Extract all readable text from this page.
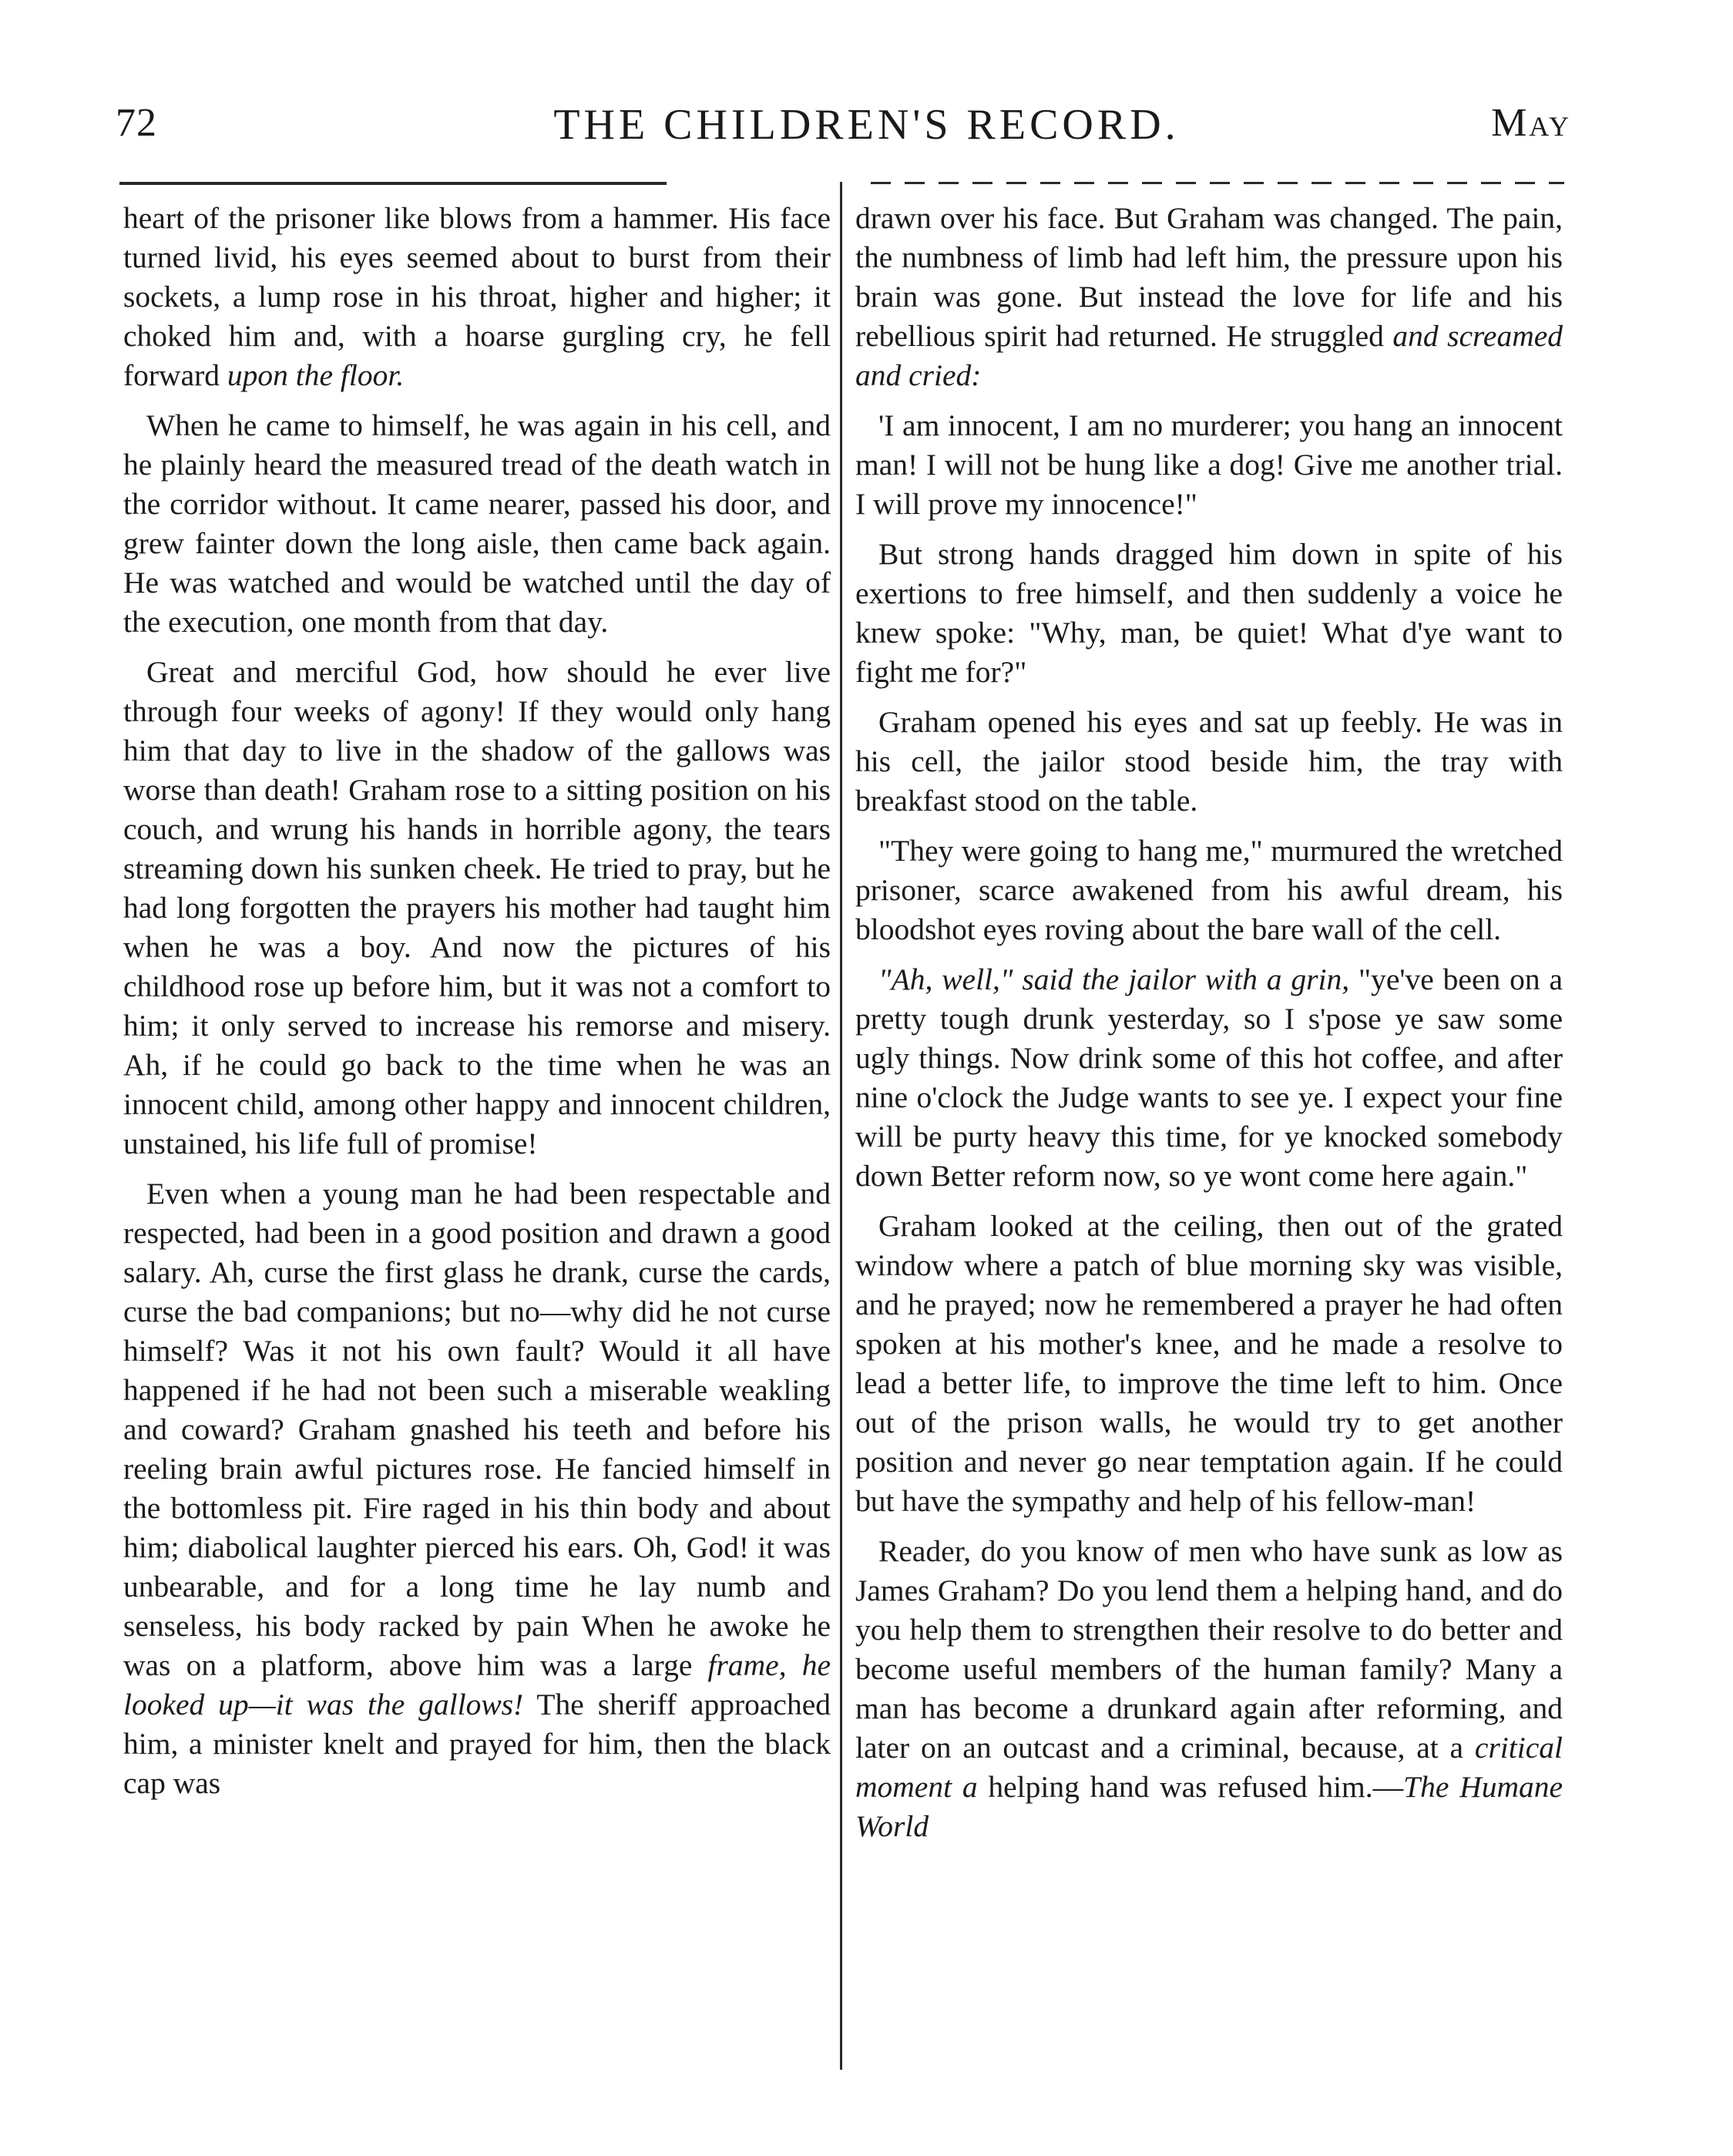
72	THE CHILDREN'S RECORD.	May

heart of the prisoner like blows from a hammer. His face turned livid, his eyes seemed about to burst from their sockets, a lump rose in his throat, higher and higher; it choked him and, with a hoarse gurgling cry, he fell forward upon the floor.

When he came to himself, he was again in his cell, and he plainly heard the measured tread of the death watch in the corridor without. It came nearer, passed his door, and grew fainter down the long aisle, then came back again. He was watched and would be watched until the day of the execution, one month from that day.

Great and merciful God, how should he ever live through four weeks of agony! If they would only hang him that day to live in the shadow of the gallows was worse than death! Graham rose to a sitting position on his couch, and wrung his hands in horrible agony, the tears streaming down his sunken cheek. He tried to pray, but he had long forgotten the prayers his mother had taught him when he was a boy. And now the pictures of his childhood rose up before him, but it was not a comfort to him; it only served to increase his remorse and misery. Ah, if he could go back to the time when he was an innocent child, among other happy and innocent children, unstained, his life full of promise!

Even when a young man he had been respectable and respected, had been in a good position and drawn a good salary. Ah, curse the first glass he drank, curse the cards, curse the bad companions; but no—why did he not curse himself? Was it not his own fault? Would it all have happened if he had not been such a miserable weakling and coward? Graham gnashed his teeth and before his reeling brain awful pictures rose. He fancied himself in the bottomless pit. Fire raged in his thin body and about him; diabolical laughter pierced his ears. Oh, God! it was unbearable, and for a long time he lay numb and senseless, his body racked by pain When he awoke he was on a platform, above him was a large frame, he looked up—it was the gallows! The sheriff approached him, a minister knelt and prayed for him, then the black cap was

drawn over his face. But Graham was changed. The pain, the numbness of limb had left him, the pressure upon his brain was gone. But instead the love for life and his rebellious spirit had returned. He struggled and screamed and cried:

'I am innocent, I am no murderer; you hang an innocent man! I will not be hung like a dog! Give me another trial. I will prove my innocence!"

But strong hands dragged him down in spite of his exertions to free himself, and then suddenly a voice he knew spoke: "Why, man, be quiet! What d'ye want to fight me for?"

Graham opened his eyes and sat up feebly. He was in his cell, the jailor stood beside him, the tray with breakfast stood on the table.

"They were going to hang me," murmured the wretched prisoner, scarce awakened from his awful dream, his bloodshot eyes roving about the bare wall of the cell.

"Ah, well," said the jailor with a grin, "ye've been on a pretty tough drunk yesterday, so I s'pose ye saw some ugly things. Now drink some of this hot coffee, and after nine o'clock the Judge wants to see ye. I expect your fine will be purty heavy this time, for ye knocked somebody down Better reform now, so ye wont come here again."

Graham looked at the ceiling, then out of the grated window where a patch of blue morning sky was visible, and he prayed; now he remembered a prayer he had often spoken at his mother's knee, and he made a resolve to lead a better life, to improve the time left to him. Once out of the prison walls, he would try to get another position and never go near temptation again. If he could but have the sympathy and help of his fellow-man!

Reader, do you know of men who have sunk as low as James Graham? Do you lend them a helping hand, and do you help them to strengthen their resolve to do better and become useful members of the human family? Many a man has become a drunkard again after reforming, and later on an outcast and a criminal, because, at a critical moment a helping hand was refused him.—The Humane World
